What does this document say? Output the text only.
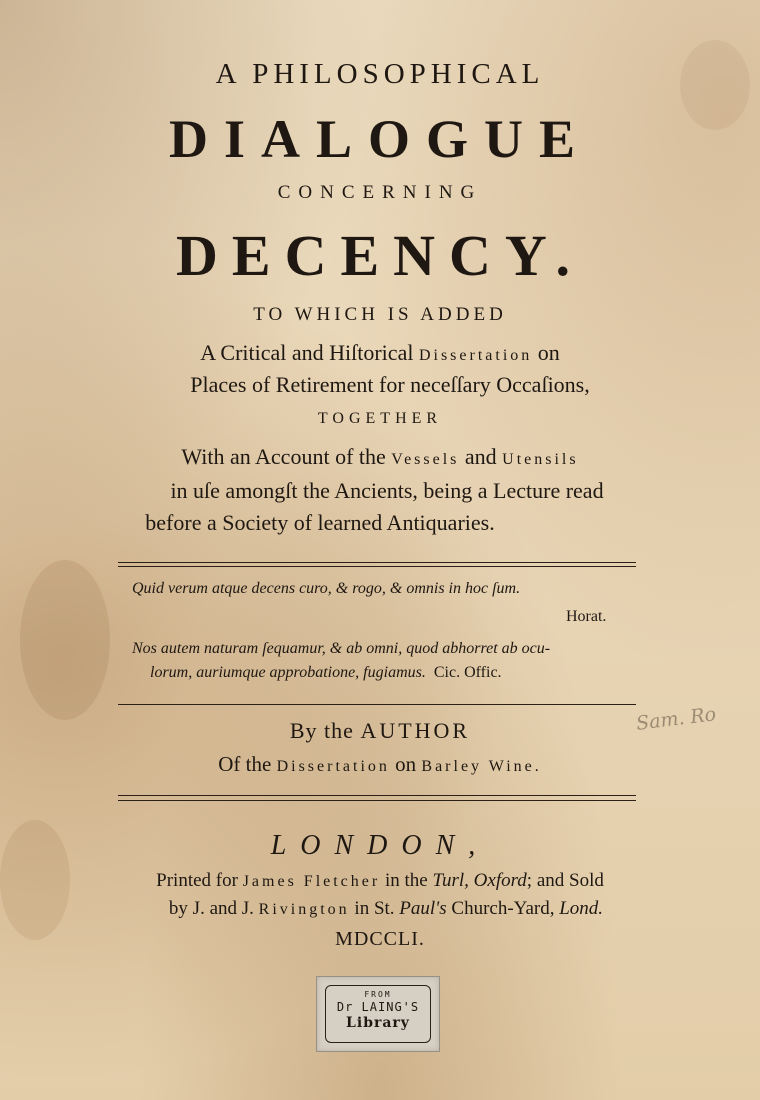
A PHILOSOPHICAL
DIALOGUE
CONCERNING
DECENCY.
TO WHICH IS ADDED
A Critical and Hiſtorical Dissertation on
Places of Retirement for neceſſary Occaſions,
TOGETHER
With an Account of the Vessels and Utensils
in uſe amongſt the Ancients, being a Lecture read
before a Society of learned Antiquaries.
Quid verum atque decens curo, & rogo, & omnis in hoc ſum.
Horat.
Nos autem naturam ſequamur, & ab omni, quod abhorret ab ocu-
lorum, auriumque approbatione, fugiamus. Cic. Offic.
By the AUTHOR
Of the Dissertation on Barley Wine.
LONDON,
Printed for James Fletcher in the Turl, Oxford; and Sold
by J. and J. Rivington in St. Paul's Church-Yard, Lond.
MDCCLI.
Sam. Ro
FROM
Dr LAING'S
Library
